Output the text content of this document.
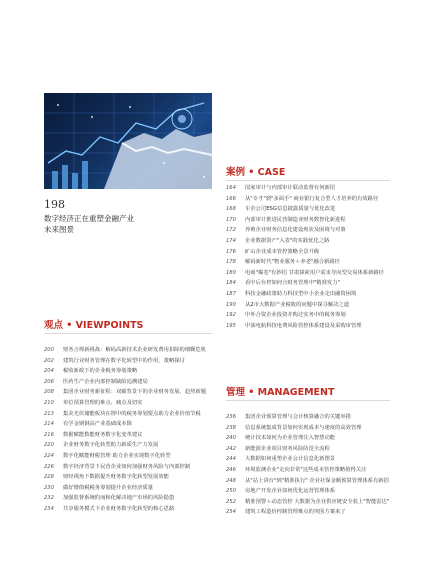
198
数字经济正在重塑金融产业
未来图景
案例 • CASE
164	国家审计与内部审计联动监督有何新招
166	从"专才"到"多面手" 商业银行复合型人才培养的有效路径
168	车企公司ESG信息披露质量与优化改进
170	内部审计推进民营制造业财务数智化新进程
172	养殖企业财务信息化建设现状及困境与对策
174	企业数据资产"入表"的实践优化之路
176	矿山企业成本管控策略全景升级
178	解码新时代"物业服务＋养老"融合新路径
180	电商"爆卷"有妙招 甘肃探索用户需求导向型交易体系新路径
184	看中后台控如何合财务管理中"精准发力"
187	科技金融政策助力科技型中小企业走出融资困境
190	从2市大数据产业税收的问题中探寻解决之道
192	中外合资企业投资并购过实务中的税务筹划
195	中油电航科技电费风险管控体系建设及采购审管理
观点 • VIEWPOINTS
200	财务合规新挑战：解码高新技术企业研发费用扣除的细颗危机
202	建筑行业财务管理在数字化转型中的作用、策略探讨
204	税收新政下的企业税务筹划策略
206	医药生产企业内部控制缺陷追溯建局
208	集团企业财务新征程：双碳背景下的企业财务发展、趋势新题
210	单位预算管理的难点、痛点及切实
213	集美光伏储能板块在锂中的税务筹划要点助力企业价值节税
214	有学金钢钢高产业基础成本降
216	数据赋能数能财务数字化变革建议
220	企业财务数字化转型助力新质生产力发展
224	数字化赋能财税管理 助力企业实现数字化转型
226	数字经济背景下民营企业如何加强财务风险与内部控制
228	财经视角下数据提升财务数字化转型发展效能
230	做好增值税税务筹划提升企业经济质量
232	加强监督系统的而和化解决地产市场的风险隐患
234	共享服务模式下企业财务数字化转型的核心思路
管理 • MANAGEMENT
236	集团企业预算管理与会计核算融合的关键举措
238	信息系统集成背景如何实现成本与速度的高效管理
240	统计技术如何为企业管理注入智慧动能
242	新能源企业项目财务风险防范全流程
244	大数据如何重塑企业会计信息化新图景
246	环境监测企业"走向非常"这些成本管控策略值得关注
248	从"站上讲台"到"精准执行" 企业社保金额预算管理体系有新招
250	房地产开发企业如何优化运营管理体系
252	精准预警＋动态管控 大数据为企业供应链安全装上"智能雷达"
254	建筑工程造价控制管理难点的突围方案来了
